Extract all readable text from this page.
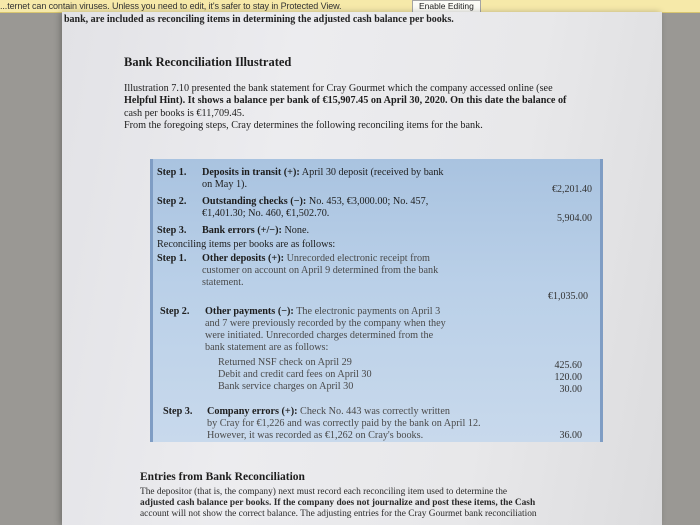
...ternet can contain viruses. Unless you need to edit, it's safer to stay in Protected View.	Enable Editing
bank, are included as reconciling items in determining the adjusted cash balance per books.
Bank Reconciliation Illustrated

Illustration 7.10 presented the bank statement for Cray Gourmet which the company accessed online (see

Helpful Hint). It shows a balance per bank of €15,907.45 on April 30, 2020. On this date the balance of

cash per books is €11,709.45.

From the foregoing steps, Cray determines the following reconciling items for the bank.

Step 1. Deposits in transit (+): April 30 deposit (received by bank
on May 1).	€2,201.40
Step 2. Outstanding checks (−): No. 453, €3,000.00; No. 457,
€1,401.30; No. 460, €1,502.70.	5,904.00
Step 3. Bank errors (+/−): None.
Reconciling items per books are as follows:
Step 1. Other deposits (+): Unrecorded electronic receipt from
customer on account on April 9 determined from the bank
statement.
€1,035.00
Step 2. Other payments (−): The electronic payments on April 3
and 7 were previously recorded by the company when they
were initiated. Unrecorded charges determined from the
bank statement are as follows:
Returned NSF check on April 29	425.60
Debit and credit card fees on April 30	120.00
Bank service charges on April 30	30.00
Step 3. Company errors (+): Check No. 443 was correctly written
by Cray for €1,226 and was correctly paid by the bank on April 12.
However, it was recorded as €1,262 on Cray's books.	36.00
Entries from Bank Reconciliation

The depositor (that is, the company) next must record each reconciling item used to determine the

adjusted cash balance per books. If the company does not journalize and post these items, the Cash

account will not show the correct balance. The adjusting entries for the Cray Gourmet bank reconciliation
